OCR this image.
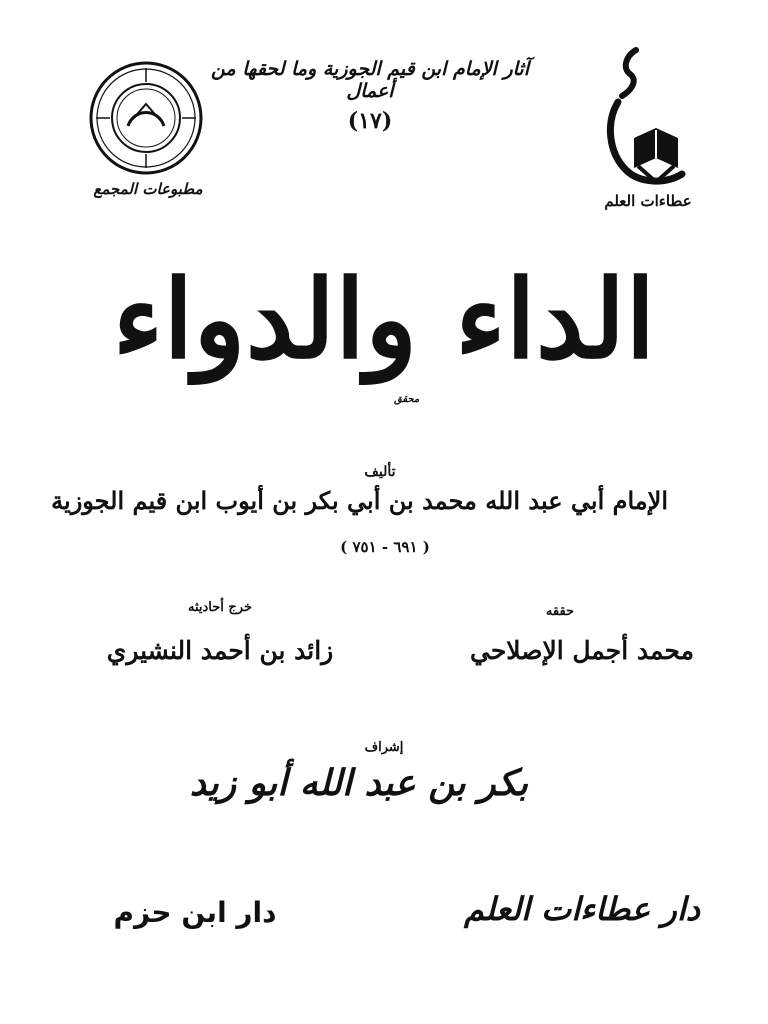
عطاءات العلم
آثار الإمام ابن قيم الجوزية وما لحقها من أعمال
(١٧)
مطبوعات المجمع
الداء والدواء
محقق
تأليف
الإمام أبي عبد الله محمد بن أبي بكر بن أيوب ابن قيم الجوزية
( ٦٩١ - ٧٥١ )
حققه
محمد أجمل الإصلاحي
خرج أحاديثه
زائد بن أحمد النشيري
إشراف
بكر بن عبد الله أبو زيد
دار عطاءات العلم
دار ابن حزم
